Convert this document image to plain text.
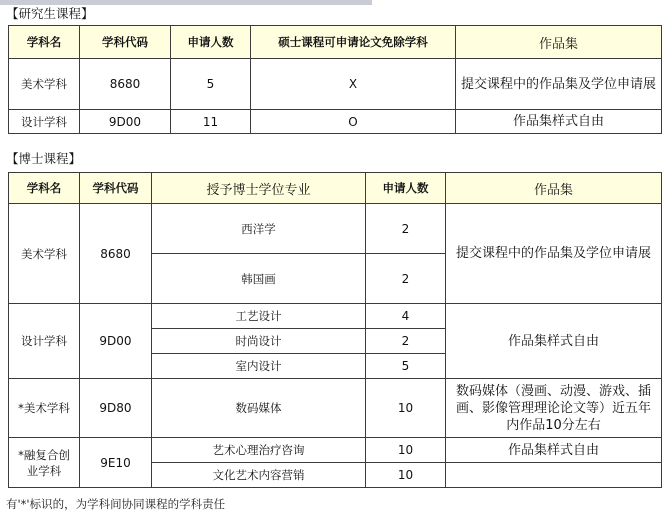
【研究生课程】
学科名	学科代码	申请人数	硕士课程可申请论文免除学科	作品集
美术学科	8680	5	X	提交课程中的作品集及学位申请展
设计学科	9D00	11	O	作品集样式自由
【博士课程】
学科名	学科代码	授予博士学位专业	申请人数	作品集
美术学科	8680	西洋学	2	提交课程中的作品集及学位申请展
		韩国画	2	
设计学科	9D00	工艺设计	4	作品集样式自由
		时尚设计	2	
		室内设计	5	
*美术学科	9D80	数码媒体	10	数码媒体（漫画、动漫、游戏、插画、影像管理理论论文等）近五年内作品10分左右
*融复合创业学科	9E10	艺术心理治疗咨询	10	作品集样式自由
		文化艺术内容营销	10	
有'*'标识的，为学科间协同课程的学科责任
